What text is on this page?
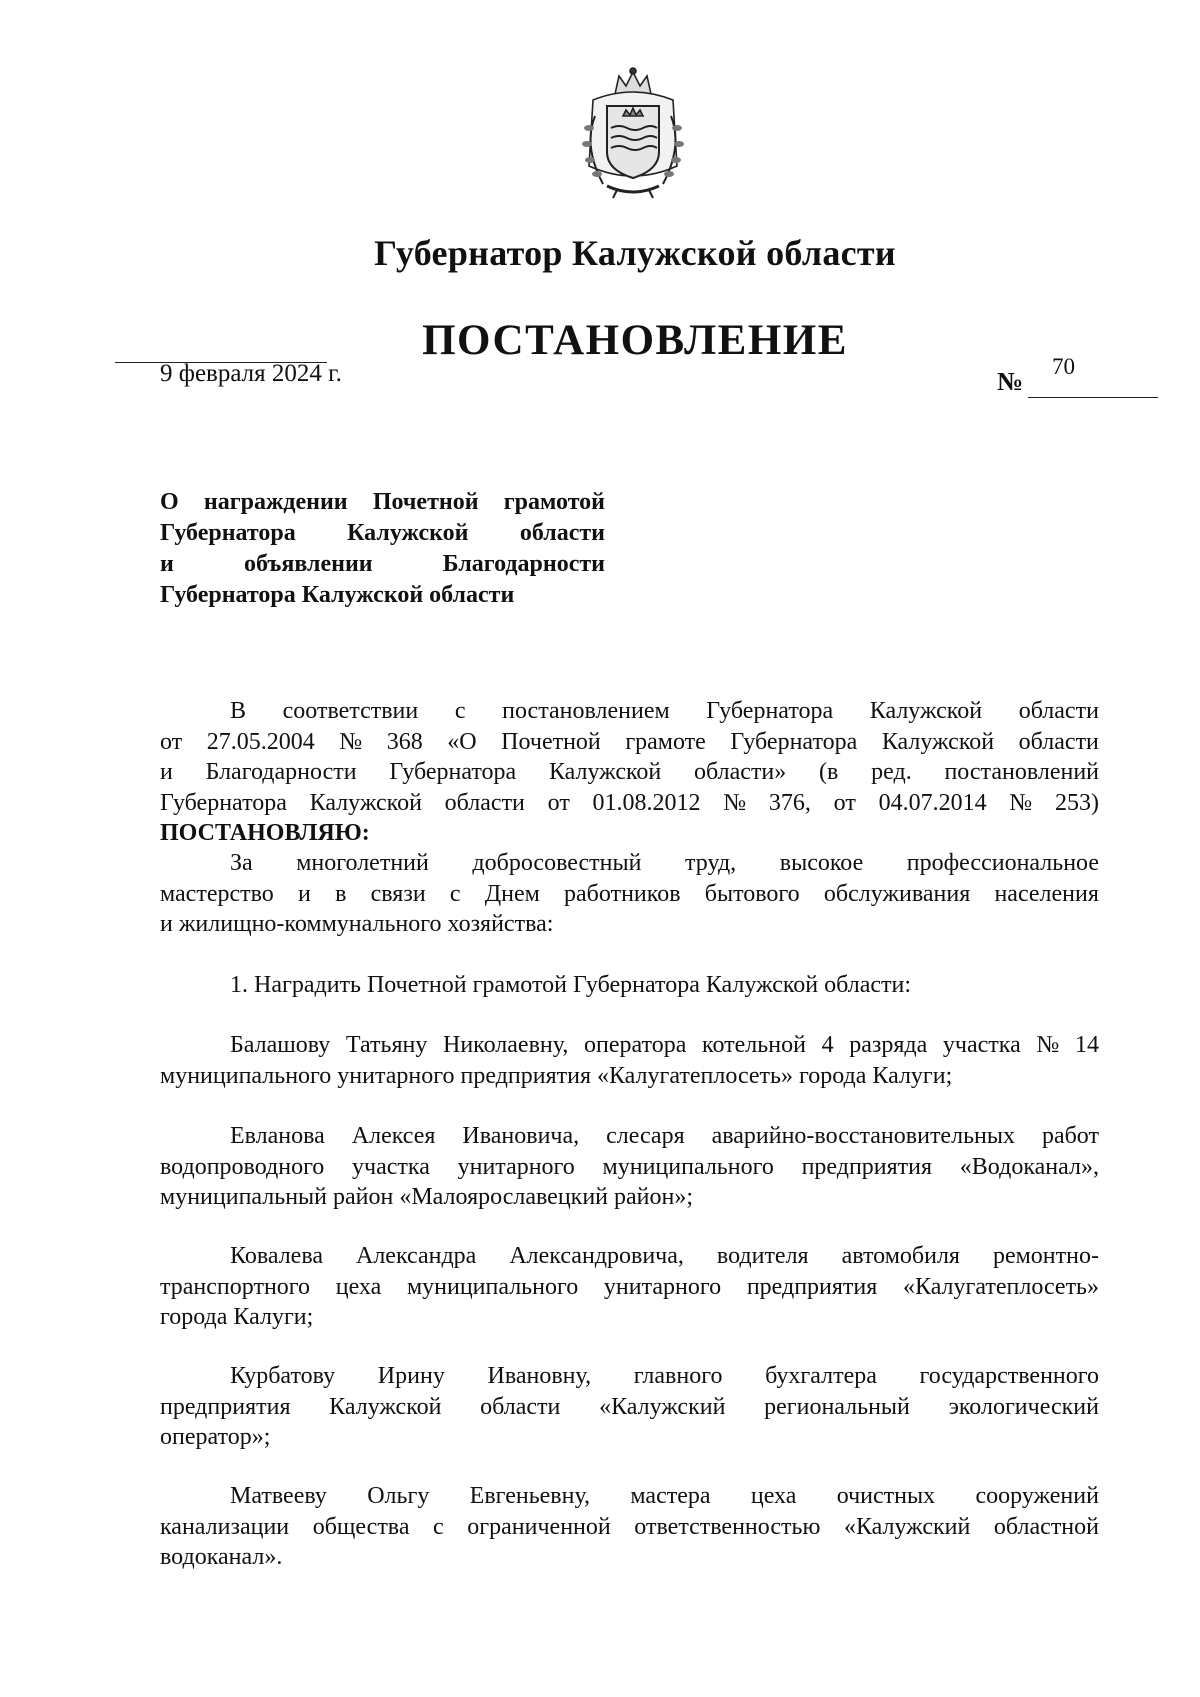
Губернатор Калужской области
ПОСТАНОВЛЕНИЕ
9 февраля 2024 г.	№
70
О награждении Почетной грамотой
Губернатора Калужской области
и	объявлении	Благодарности
Губернатора Калужской области
В соответствии с постановлением Губернатора Калужской области
от 27.05.2004 № 368 «О Почетной грамоте Губернатора Калужской области
и Благодарности Губернатора Калужской области» (в ред. постановлений
Губернатора Калужской области от 01.08.2012 № 376, от 04.07.2014 № 253)
ПОСТАНОВЛЯЮ:
За многолетний добросовестный труд, высокое профессиональное
мастерство и в связи с Днем работников бытового обслуживания населения
и жилищно-коммунального хозяйства:
1. Наградить Почетной грамотой Губернатора Калужской области:
Балашову Татьяну Николаевну, оператора котельной 4 разряда участка № 14
муниципального унитарного предприятия «Калугатеплосеть» города Калуги;
Евланова Алексея Ивановича, слесаря аварийно-восстановительных работ
водопроводного участка унитарного муниципального предприятия «Водоканал»,
муниципальный район «Малоярославецкий район»;
Ковалева Александра Александровича, водителя автомобиля ремонтно-
транспортного цеха муниципального унитарного предприятия «Калугатеплосеть»
города Калуги;
Курбатову Ирину Ивановну, главного бухгалтера государственного
предприятия Калужской области «Калужский региональный экологический
оператор»;
Матвееву Ольгу Евгеньевну, мастера цеха очистных сооружений
канализации общества с ограниченной ответственностью «Калужский областной
водоканал».
